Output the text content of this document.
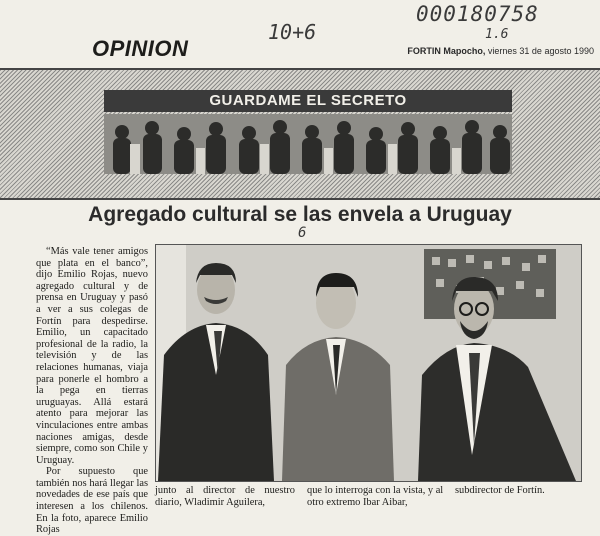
10+6
000180758
1.6
6
OPINION	FORTIN Mapocho, viernes 31 de agosto 1990
GUARDAME EL SECRETO
Agregado cultural se las envela a Uruguay

“Más vale tener amigos que plata en el banco”, dijo Emilio Rojas, nuevo agregado cultural y de prensa en Uruguay y pasó a ver a sus colegas de Fortín para despedirse. Emilio, un capacitado profesional de la radio, la televisión y de las relaciones humanas, viaja para ponerle el hombro a la pega en tierras uruguayas. Allá estará atento para mejorar las vinculaciones entre ambas naciones amigas, desde siempre, como son Chile y Uruguay.

Por supuesto que también nos hará llegar las novedades de ese país que interesen a los chilenos. En la foto, aparece Emilio Rojas

junto al director de nuestro diario, Wladimir Aguilera,
que lo interroga con la vista, y al otro extremo Ibar Aibar,
subdirector de Fortín.
